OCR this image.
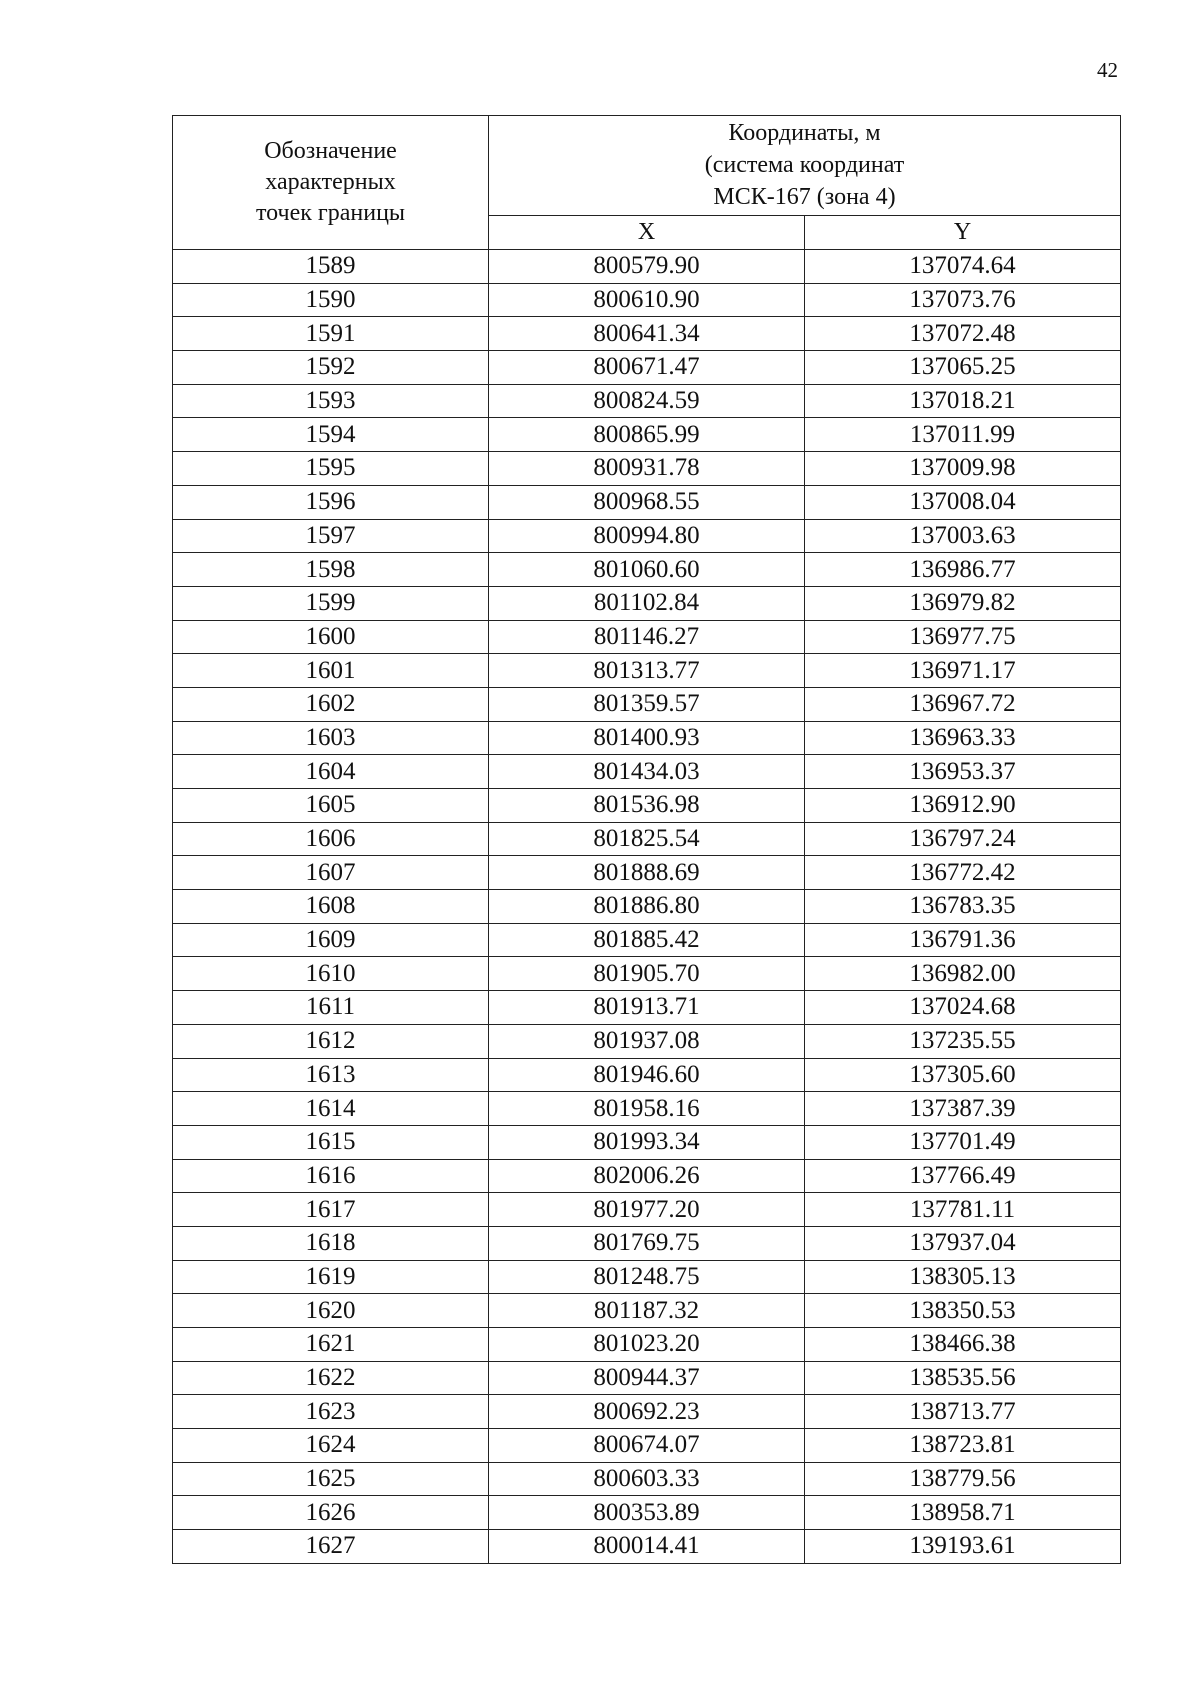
42
Обозначение
характерных
точек границы	Координаты, м
(система координат
МСК-167 (зона 4)	
	X	Y
1589	800579.90	137074.64
1590	800610.90	137073.76
1591	800641.34	137072.48
1592	800671.47	137065.25
1593	800824.59	137018.21
1594	800865.99	137011.99
1595	800931.78	137009.98
1596	800968.55	137008.04
1597	800994.80	137003.63
1598	801060.60	136986.77
1599	801102.84	136979.82
1600	801146.27	136977.75
1601	801313.77	136971.17
1602	801359.57	136967.72
1603	801400.93	136963.33
1604	801434.03	136953.37
1605	801536.98	136912.90
1606	801825.54	136797.24
1607	801888.69	136772.42
1608	801886.80	136783.35
1609	801885.42	136791.36
1610	801905.70	136982.00
1611	801913.71	137024.68
1612	801937.08	137235.55
1613	801946.60	137305.60
1614	801958.16	137387.39
1615	801993.34	137701.49
1616	802006.26	137766.49
1617	801977.20	137781.11
1618	801769.75	137937.04
1619	801248.75	138305.13
1620	801187.32	138350.53
1621	801023.20	138466.38
1622	800944.37	138535.56
1623	800692.23	138713.77
1624	800674.07	138723.81
1625	800603.33	138779.56
1626	800353.89	138958.71
1627	800014.41	139193.61
